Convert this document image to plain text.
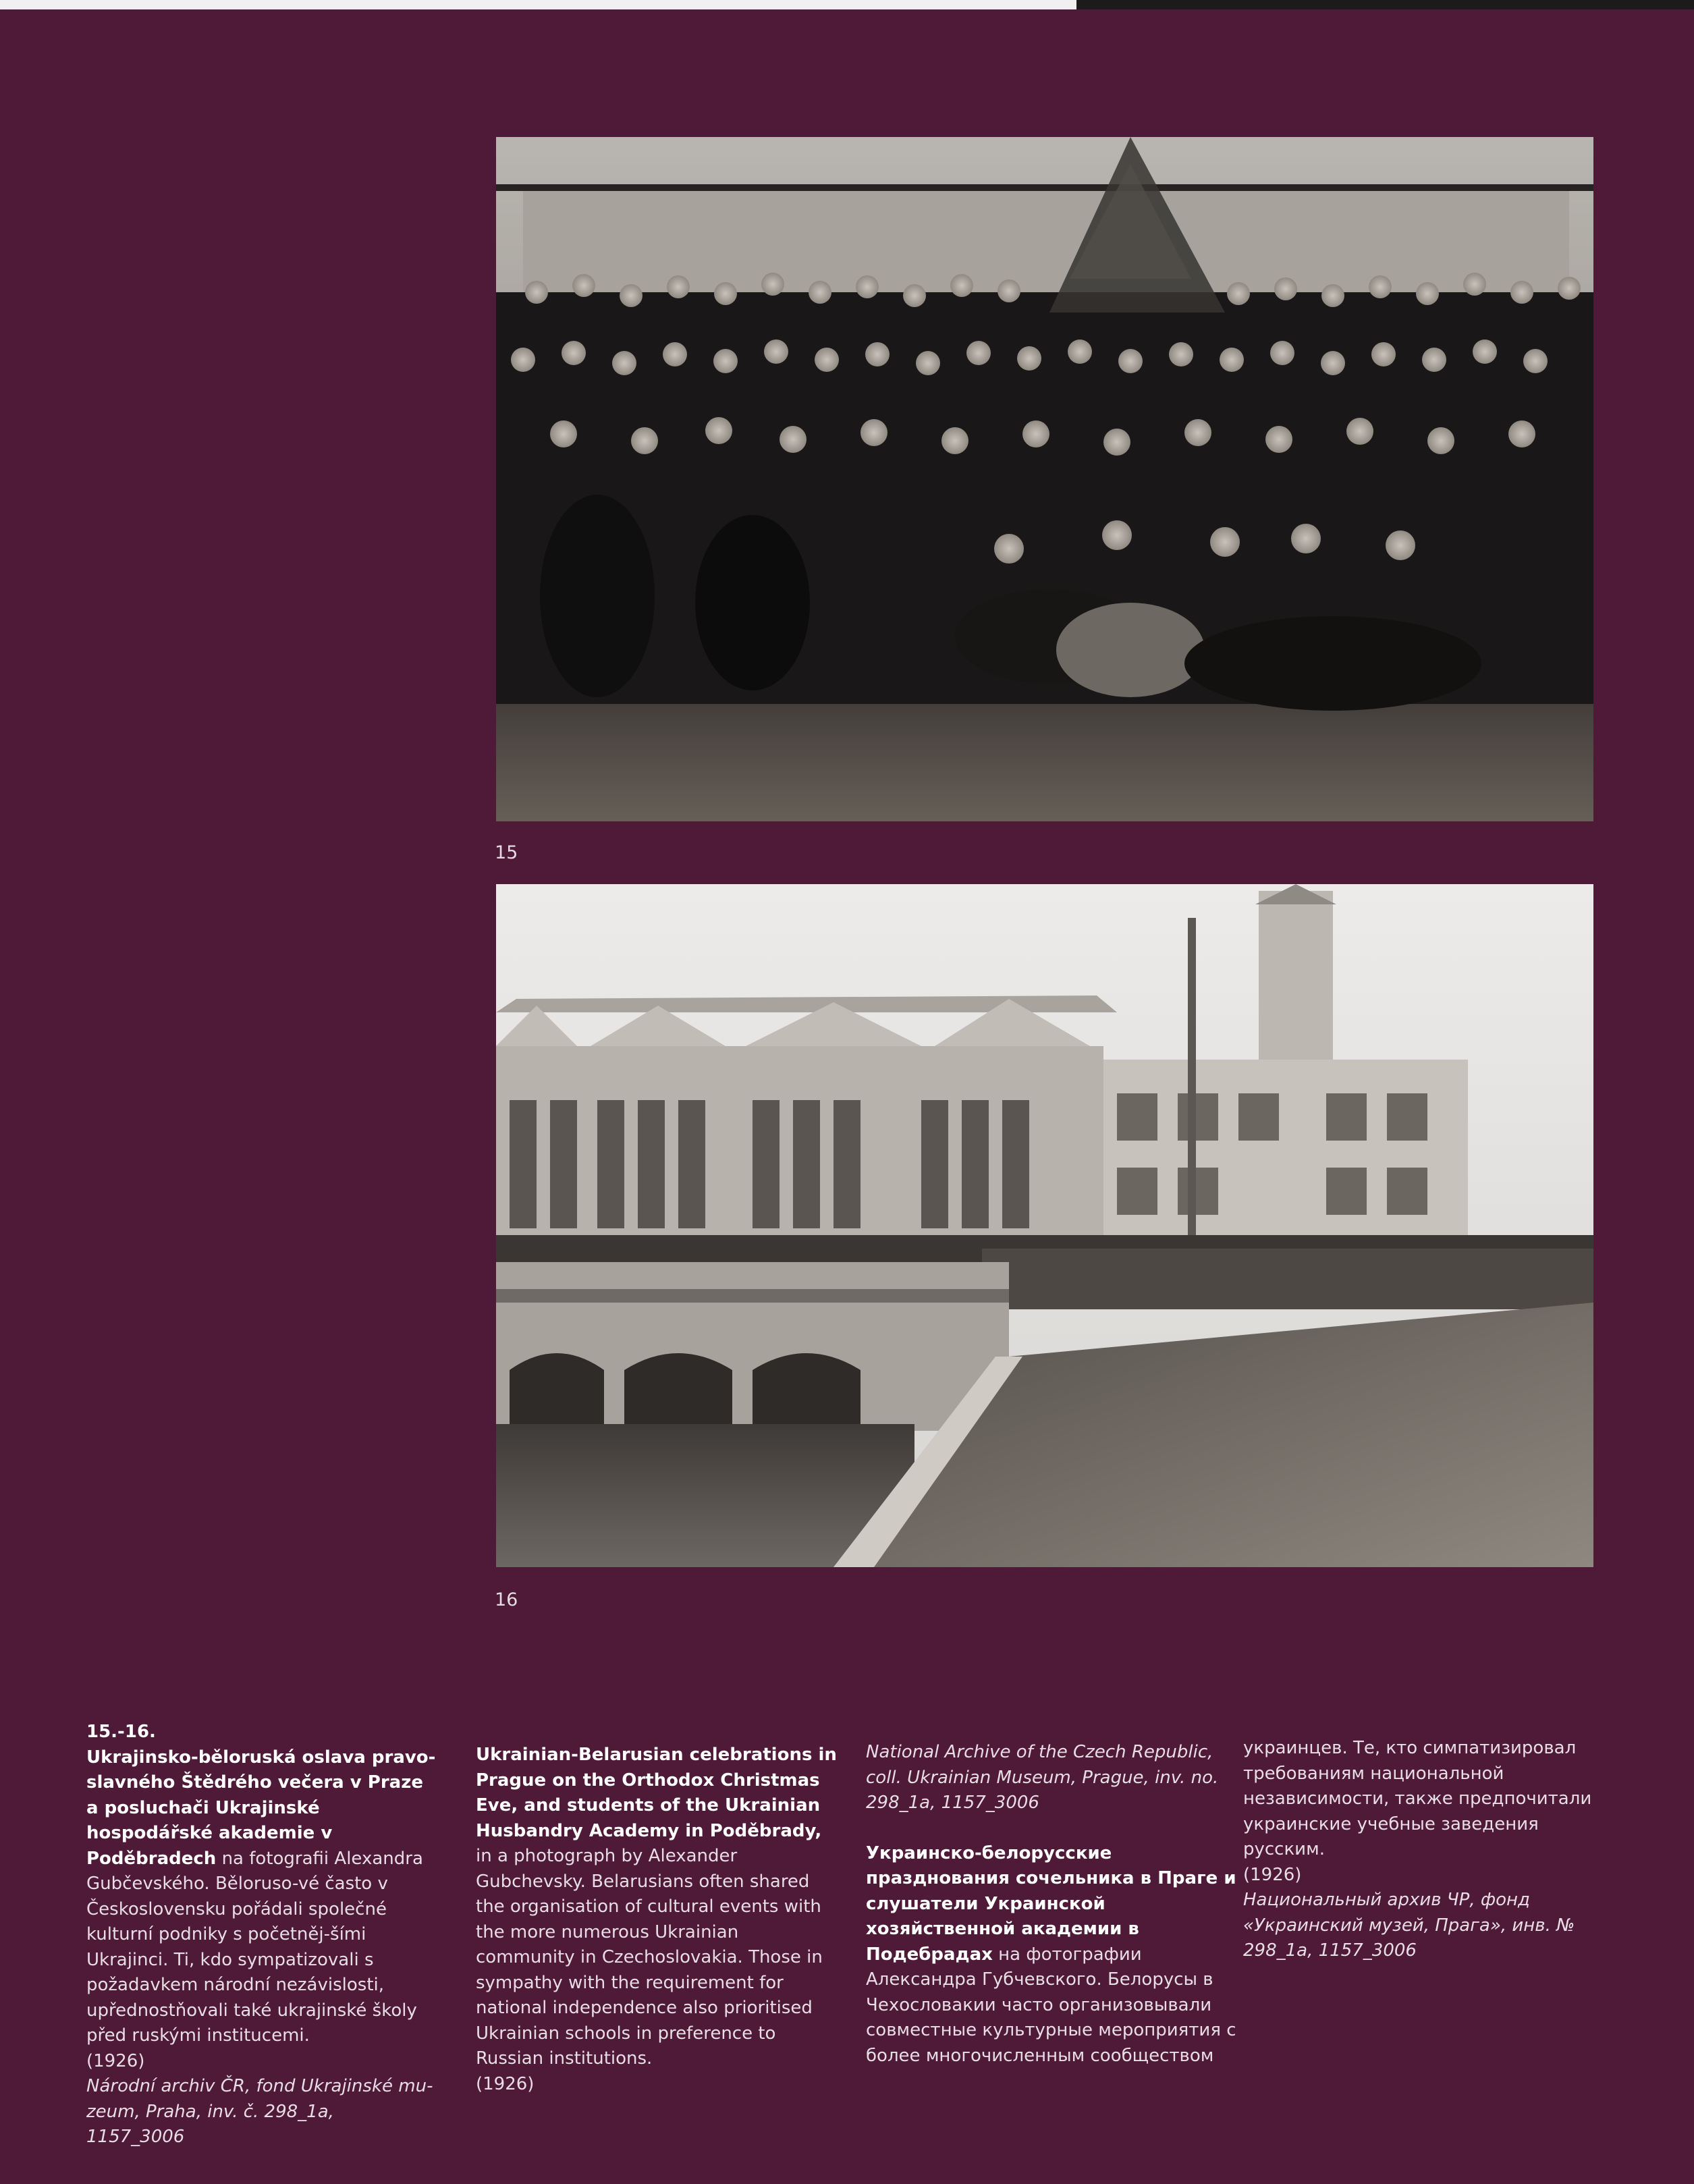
15
16

15.-16.

Ukrajinsko-běloruská oslava pravo-slavného Štědrého večera v Praze a posluchači Ukrajinské hospodářské akademie v Poděbradech na fotografii Alexandra Gubčevského. Běloruso-vé často v Československu pořádali společné kulturní podniky s početněj-šími Ukrajinci. Ti, kdo sympatizovali s požadavkem národní nezávislosti, upřednostňovali také ukrajinské školy před ruskými institucemi.

(1926)

Národní archiv ČR, fond Ukrajinské mu-zeum, Praha, inv. č. 298_1a, 1157_3006

Ukrainian-Belarusian celebrations in Prague on the Orthodox Christmas Eve, and students of the Ukrainian Husbandry Academy in Poděbrady, in a photograph by Alexander Gubchevsky. Belarusians often shared the organisation of cultural events with the more numerous Ukrainian community in Czechoslovakia. Those in sympathy with the requirement for national independence also prioritised Ukrainian schools in preference to Russian institutions.

(1926)

National Archive of the Czech Republic, coll. Ukrainian Museum, Prague, inv. no. 298_1a, 1157_3006

Украинско-белорусские празднования сочельника в Праге и слушатели Украинской хозяйственной академии в Подебрадах на фотографии Александра Губчевского. Белорусы в Чехословакии часто организовывали совместные культурные мероприятия с более многочисленным сообществом

украинцев. Те, кто симпатизировал требованиям национальной независимости, также предпочитали украинские учебные заведения русским.

(1926)

Национальный архив ЧР, фонд «Украинский музей, Прага», инв. № 298_1a, 1157_3006
